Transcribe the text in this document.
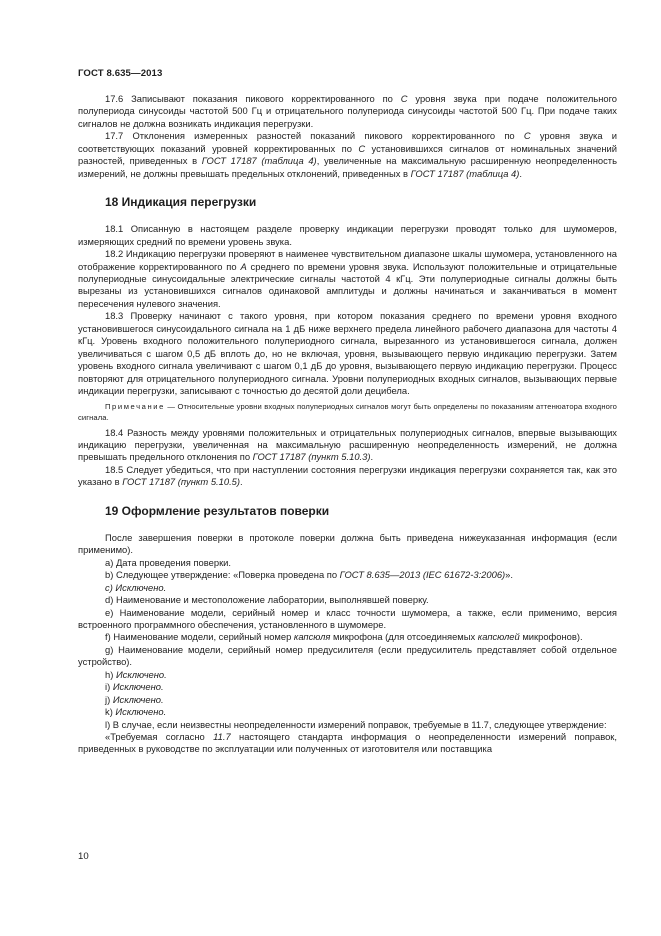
ГОСТ 8.635—2013

17.6 Записывают показания пикового корректированного по C уровня звука при подаче положительного полупериода синусоиды частотой 500 Гц и отрицательного полупериода синусоиды частотой 500 Гц. При подаче таких сигналов не должна возникать индикация перегрузки.

17.7 Отклонения измеренных разностей показаний пикового корректированного по C уровня звука и соответствующих показаний уровней корректированных по C установившихся сигналов от номинальных значений разностей, приведенных в ГОСТ 17187 (таблица 4), увеличенные на максимальную расширенную неопределенность измерений, не должны превышать предельных отклонений, приведенных в ГОСТ 17187 (таблица 4).

18 Индикация перегрузки

18.1 Описанную в настоящем разделе проверку индикации перегрузки проводят только для шумомеров, измеряющих средний по времени уровень звука.

18.2 Индикацию перегрузки проверяют в наименее чувствительном диапазоне шкалы шумомера, установленного на отображение корректированного по A среднего по времени уровня звука. Используют положительные и отрицательные полупериодные синусоидальные электрические сигналы частотой 4 кГц. Эти полупериодные сигналы должны быть вырезаны из установившихся сигналов одинаковой амплитуды и должны начинаться и заканчиваться в момент пересечения нулевого значения.

18.3 Проверку начинают с такого уровня, при котором показания среднего по времени уровня входного установившегося синусоидального сигнала на 1 дБ ниже верхнего предела линейного рабочего диапазона для частоты 4 кГц. Уровень входного положительного полупериодного сигнала, вырезанного из установившегося сигнала, должен увеличиваться с шагом 0,5 дБ вплоть до, но не включая, уровня, вызывающего первую индикацию перегрузки. Затем уровень входного сигнала увеличивают с шагом 0,1 дБ до уровня, вызывающего первую индикацию перегрузки. Процесс повторяют для отрицательного полупериодного сигнала. Уровни полупериодных входных сигналов, вызывающих первые индикации перегрузки, записывают с точностью до десятой доли децибела.

Примечание — Относительные уровни входных полупериодных сигналов могут быть определены по показаниям аттенюатора входного сигнала.

18.4 Разность между уровнями положительных и отрицательных полупериодных сигналов, впервые вызывающих индикацию перегрузки, увеличенная на максимальную расширенную неопределенность измерений, не должна превышать предельного отклонения по ГОСТ 17187 (пункт 5.10.3).

18.5 Следует убедиться, что при наступлении состояния перегрузки индикация перегрузки сохраняется так, как это указано в ГОСТ 17187 (пункт 5.10.5).

19 Оформление результатов поверки

После завершения поверки в протоколе поверки должна быть приведена нижеуказанная информация (если применимо).

a) Дата проведения поверки.

b) Следующее утверждение: «Поверка проведена по ГОСТ 8.635—2013 (IEC 61672-3:2006)».

c) Исключено.

d) Наименование и местоположение лаборатории, выполнявшей поверку.

e) Наименование модели, серийный номер и класс точности шумомера, а также, если применимо, версия встроенного программного обеспечения, установленного в шумомере.

f) Наименование модели, серийный номер капсюля микрофона (для отсоединяемых капсюлей микрофонов).

g) Наименование модели, серийный номер предусилителя (если предусилитель представляет собой отдельное устройство).

h) Исключено.

i) Исключено.

j) Исключено.

k) Исключено.

l) В случае, если неизвестны неопределенности измерений поправок, требуемые в 11.7, следующее утверждение:

«Требуемая согласно 11.7 настоящего стандарта информация о неопределенности измерений поправок, приведенных в руководстве по эксплуатации или полученных от изготовителя или поставщика

10
